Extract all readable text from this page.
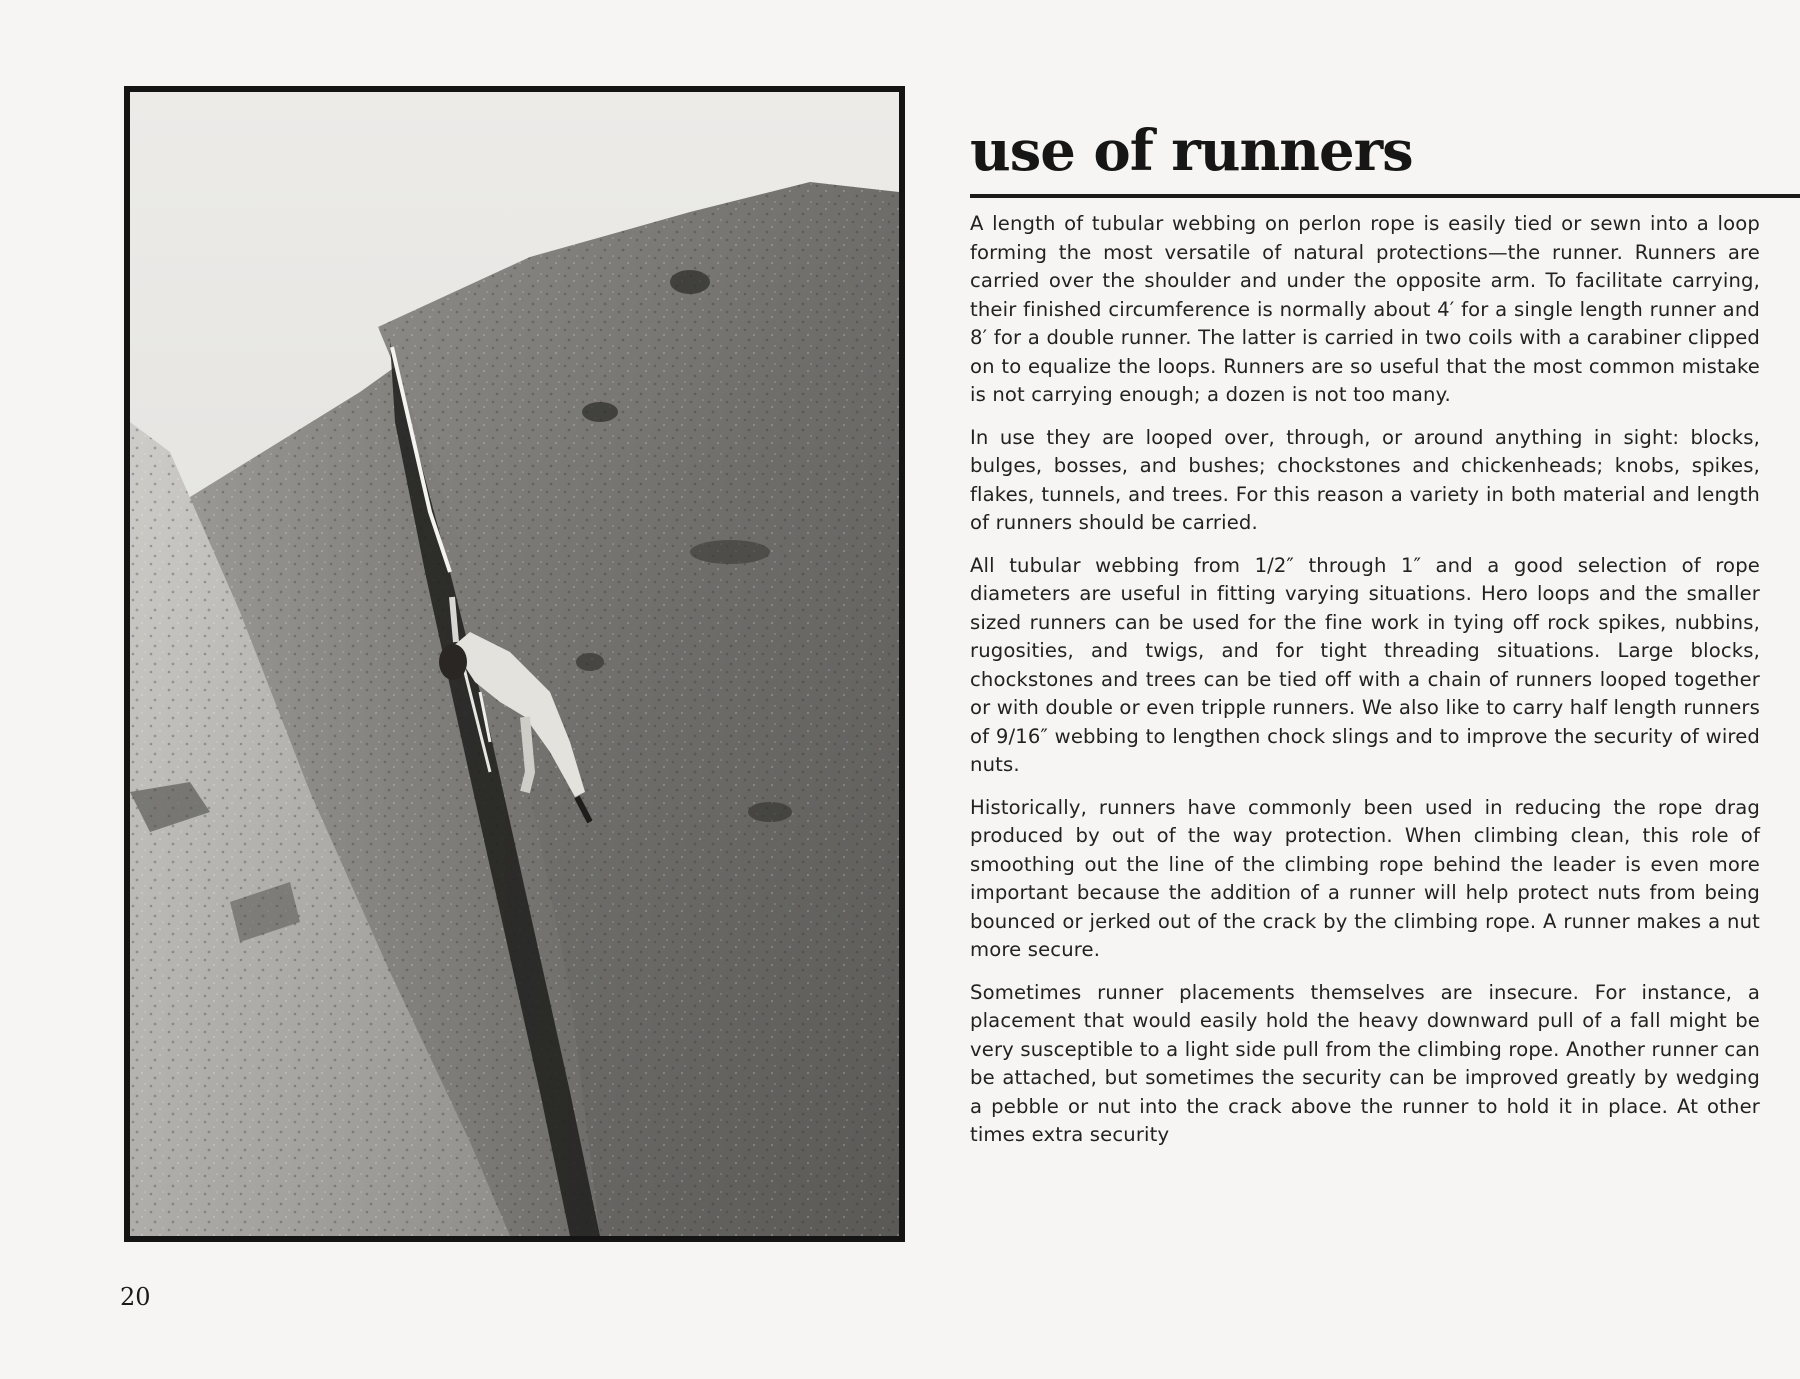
use of runners

A length of tubular webbing on perlon rope is easily tied or sewn into a loop forming the most versatile of natural protections—the runner. Runners are carried over the shoulder and under the opposite arm. To facilitate carrying, their finished circumference is normally about 4′ for a single length runner and 8′ for a double runner. The latter is carried in two coils with a carabiner clipped on to equalize the loops. Runners are so useful that the most common mistake is not carrying enough; a dozen is not too many.

In use they are looped over, through, or around anything in sight: blocks, bulges, bosses, and bushes; chockstones and chickenheads; knobs, spikes, flakes, tunnels, and trees. For this reason a variety in both material and length of runners should be carried.

All tubular webbing from 1/2″ through 1″ and a good selection of rope diameters are useful in fitting varying situations. Hero loops and the smaller sized runners can be used for the fine work in tying off rock spikes, nubbins, rugosities, and twigs, and for tight threading situations. Large blocks, chockstones and trees can be tied off with a chain of runners looped together or with double or even tripple runners. We also like to carry half length runners of 9/16″ webbing to lengthen chock slings and to improve the security of wired nuts.

Historically, runners have commonly been used in reducing the rope drag produced by out of the way protection. When climbing clean, this role of smoothing out the line of the climbing rope behind the leader is even more important because the addition of a runner will help protect nuts from being bounced or jerked out of the crack by the climbing rope. A runner makes a nut more secure.

Sometimes runner placements themselves are insecure. For instance, a placement that would easily hold the heavy downward pull of a fall might be very susceptible to a light side pull from the climbing rope. Another runner can be attached, but sometimes the security can be improved greatly by wedging a pebble or nut into the crack above the runner to hold it in place. At other times extra security

20
